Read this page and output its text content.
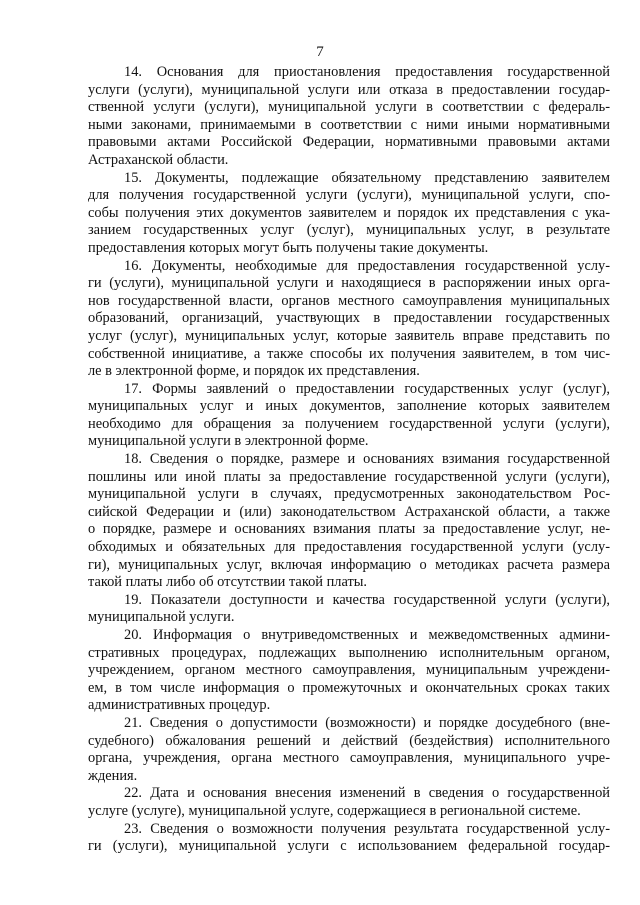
7

14. Основания для приостановления предоставления государственной
услуги (услуги), муниципальной услуги или отказа в предоставлении государ-
ственной услуги (услуги), муниципальной услуги в соответствии с федераль-
ными законами, принимаемыми в соответствии с ними иными нормативными
правовыми актами Российской Федерации, нормативными правовыми актами
Астраханской области.

15. Документы, подлежащие обязательному представлению заявителем
для получения государственной услуги (услуги), муниципальной услуги, спо-
собы получения этих документов заявителем и порядок их представления с ука-
занием государственных услуг (услуг), муниципальных услуг, в результате
предоставления которых могут быть получены такие документы.

16. Документы, необходимые для предоставления государственной услу-
ги (услуги), муниципальной услуги и находящиеся в распоряжении иных орга-
нов государственной власти, органов местного самоуправления муниципальных
образований, организаций, участвующих в предоставлении государственных
услуг (услуг), муниципальных услуг, которые заявитель вправе представить по
собственной инициативе, а также способы их получения заявителем, в том чис-
ле в электронной форме, и порядок их представления.

17. Формы заявлений о предоставлении государственных услуг (услуг),
муниципальных услуг и иных документов, заполнение которых заявителем
необходимо для обращения за получением государственной услуги (услуги),
муниципальной услуги в электронной форме.

18. Сведения о порядке, размере и основаниях взимания государственной
пошлины или иной платы за предоставление государственной услуги (услуги),
муниципальной услуги в случаях, предусмотренных законодательством Рос-
сийской Федерации и (или) законодательством Астраханской области, а также
о порядке, размере и основаниях взимания платы за предоставление услуг, не-
обходимых и обязательных для предоставления государственной услуги (услу-
ги), муниципальных услуг, включая информацию о методиках расчета размера
такой платы либо об отсутствии такой платы.

19. Показатели доступности и качества государственной услуги (услуги),
муниципальной услуги.

20. Информация о внутриведомственных и межведомственных админи-
стративных процедурах, подлежащих выполнению исполнительным органом,
учреждением, органом местного самоуправления, муниципальным учреждени-
ем, в том числе информация о промежуточных и окончательных сроках таких
административных процедур.

21. Сведения о допустимости (возможности) и порядке досудебного (вне-
судебного) обжалования решений и действий (бездействия) исполнительного
органа, учреждения, органа местного самоуправления, муниципального учре-
ждения.

22. Дата и основания внесения изменений в сведения о государственной
услуге (услуге), муниципальной услуге, содержащиеся в региональной системе.

23. Сведения о возможности получения результата государственной услу-
ги (услуги), муниципальной услуги с использованием федеральной государ-
